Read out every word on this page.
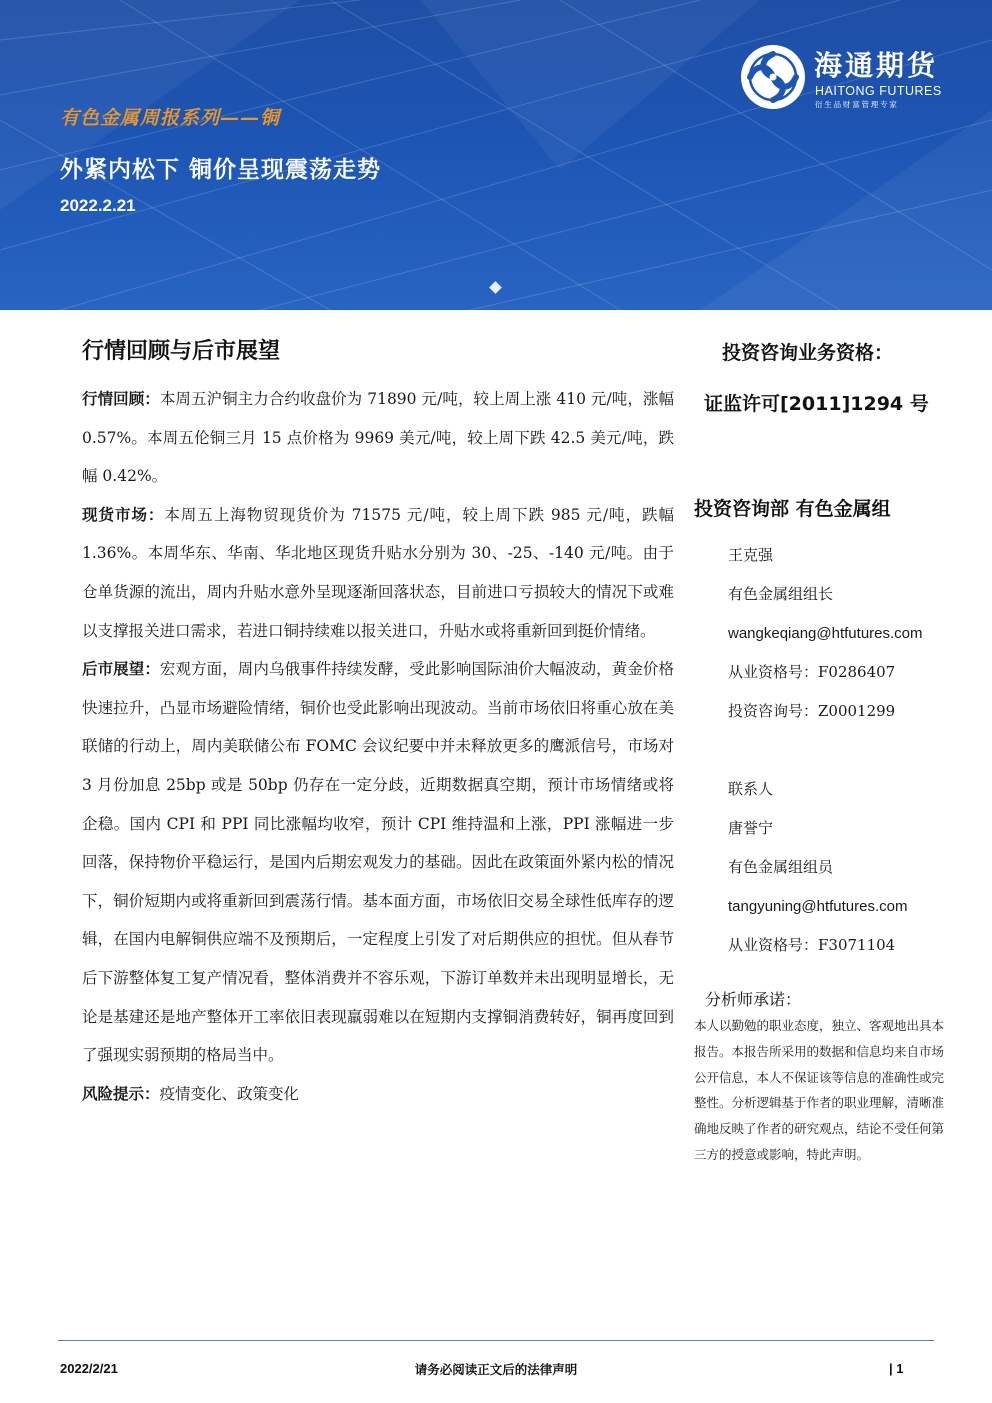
有色金属周报系列——铜
外紧内松下 铜价呈现震荡走势
2022.2.21
海通期货
HAITONG FUTURES
衍生品财富管理专家
行情回顾与后市展望

行情回顾：本周五沪铜主力合约收盘价为 71890 元/吨，较上周上涨 410 元/吨，涨幅 0.57%。本周五伦铜三月 15 点价格为 9969 美元/吨，较上周下跌 42.5 美元/吨，跌幅 0.42%。

现货市场：本周五上海物贸现货价为 71575 元/吨，较上周下跌 985 元/吨，跌幅 1.36%。本周华东、华南、华北地区现货升贴水分别为 30、-25、-140 元/吨。由于仓单货源的流出，周内升贴水意外呈现逐渐回落状态，目前进口亏损较大的情况下或难以支撑报关进口需求，若进口铜持续难以报关进口，升贴水或将重新回到挺价情绪。

后市展望：宏观方面，周内乌俄事件持续发酵，受此影响国际油价大幅波动，黄金价格快速拉升，凸显市场避险情绪，铜价也受此影响出现波动。当前市场依旧将重心放在美联储的行动上，周内美联储公布 FOMC 会议纪要中并未释放更多的鹰派信号，市场对 3 月份加息 25bp 或是 50bp 仍存在一定分歧，近期数据真空期，预计市场情绪或将企稳。国内 CPI 和 PPI 同比涨幅均收窄，预计 CPI 维持温和上涨，PPI 涨幅进一步回落，保持物价平稳运行，是国内后期宏观发力的基础。因此在政策面外紧内松的情况下，铜价短期内或将重新回到震荡行情。基本面方面，市场依旧交易全球性低库存的逻辑，在国内电解铜供应端不及预期后，一定程度上引发了对后期供应的担忧。但从春节后下游整体复工复产情况看，整体消费并不容乐观，下游订单数并未出现明显增长，无论是基建还是地产整体开工率依旧表现羸弱难以在短期内支撑铜消费转好，铜再度回到了强现实弱预期的格局当中。

风险提示：疫情变化、政策变化

投资咨询业务资格：
证监许可[2011]1294 号
投资咨询部 有色金属组
王克强
有色金属组组长
wangkeqiang@htfutures.com
从业资格号：F0286407
投资咨询号：Z0001299
联系人
唐誉宁
有色金属组组员
tangyuning@htfutures.com
从业资格号：F3071104
分析师承诺：
本人以勤勉的职业态度，独立、客观地出具本报告。本报告所采用的数据和信息均来自市场公开信息，本人不保证该等信息的准确性或完整性。分析逻辑基于作者的职业理解，清晰准确地反映了作者的研究观点，结论不受任何第三方的授意或影响，特此声明。
2022/2/21	请务必阅读正文后的法律声明	| 1
